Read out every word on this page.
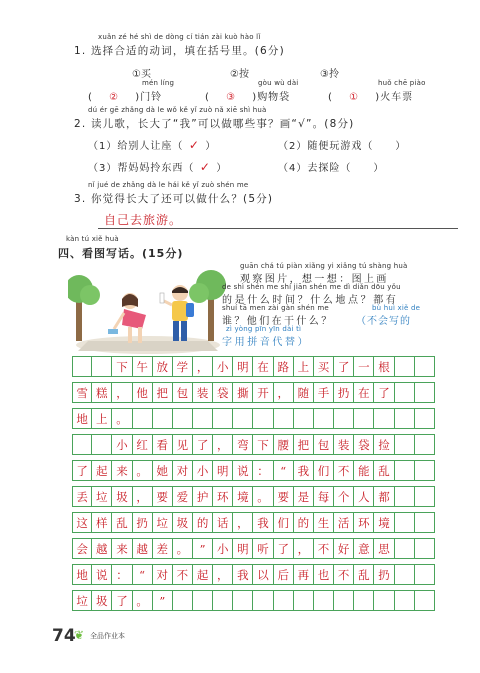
xuǎn zé hé shì de dòng cí tián zài kuò hào lǐ
1. 选择合适的动词，填在括号里。(6分)
①买	②按	③拎
mén líng	gòu wù dài	huǒ chē piào
( ② )门铃	( ③ )购物袋	( ① )火车票
dú ér gē zhǎng dà le wǒ kě yǐ zuò nǎ xiē shì huà
2. 读儿歌，长大了“我”可以做哪些事？画“√”。(8分)
（1）给别人让座（ ✓ ）	（2）随便玩游戏（ ）
（3）帮妈妈拎东西（ ✓ ）	（4）去探险（ ）
nǐ jué de zhǎng dà le hái kě yǐ zuò shén me
3. 你觉得长大了还可以做什么？(5分)
自己去旅游。
kàn tú xiě huà
四、看图写话。(15分)
guān chá tú piàn xiǎng yi xiǎng tú shàng huà
观察图片，想一想：图上画
de shì shén me shí jiān shén me dì diǎn dōu yǒu
的是什么时间？什么地点？都有
shuí tā men zài gàn shén me
谁？他们在干什么？
bù huì xiě de
（不会写的
zì yòng pīn yīn dài tì
字用拼音代替）
下 午 放 学 ， 小 明 在 路 上 买 了 一 根
雪 糕 ， 他 把 包 装 袋 撕 开 ， 随 手 扔 在 了
地 上 。
小 红 看 见 了 ， 弯 下 腰 把 包 装 袋 捡
了 起 来 。 她 对 小 明 说 ： “ 我 们 不 能 乱
丢 垃 圾 ， 要 爱 护 环 境 。 要 是 每 个 人 都
这 样 乱 扔 垃 圾 的 话 ， 我 们 的 生 活 环 境
会 越 来 越 差 。 ” 小 明 听 了 ， 不 好 意 思
地 说 ： “ 对 不 起 ， 我 以 后 再 也 不 乱 扔
垃 圾 了 。 ”
74
❦ 全品作业本
